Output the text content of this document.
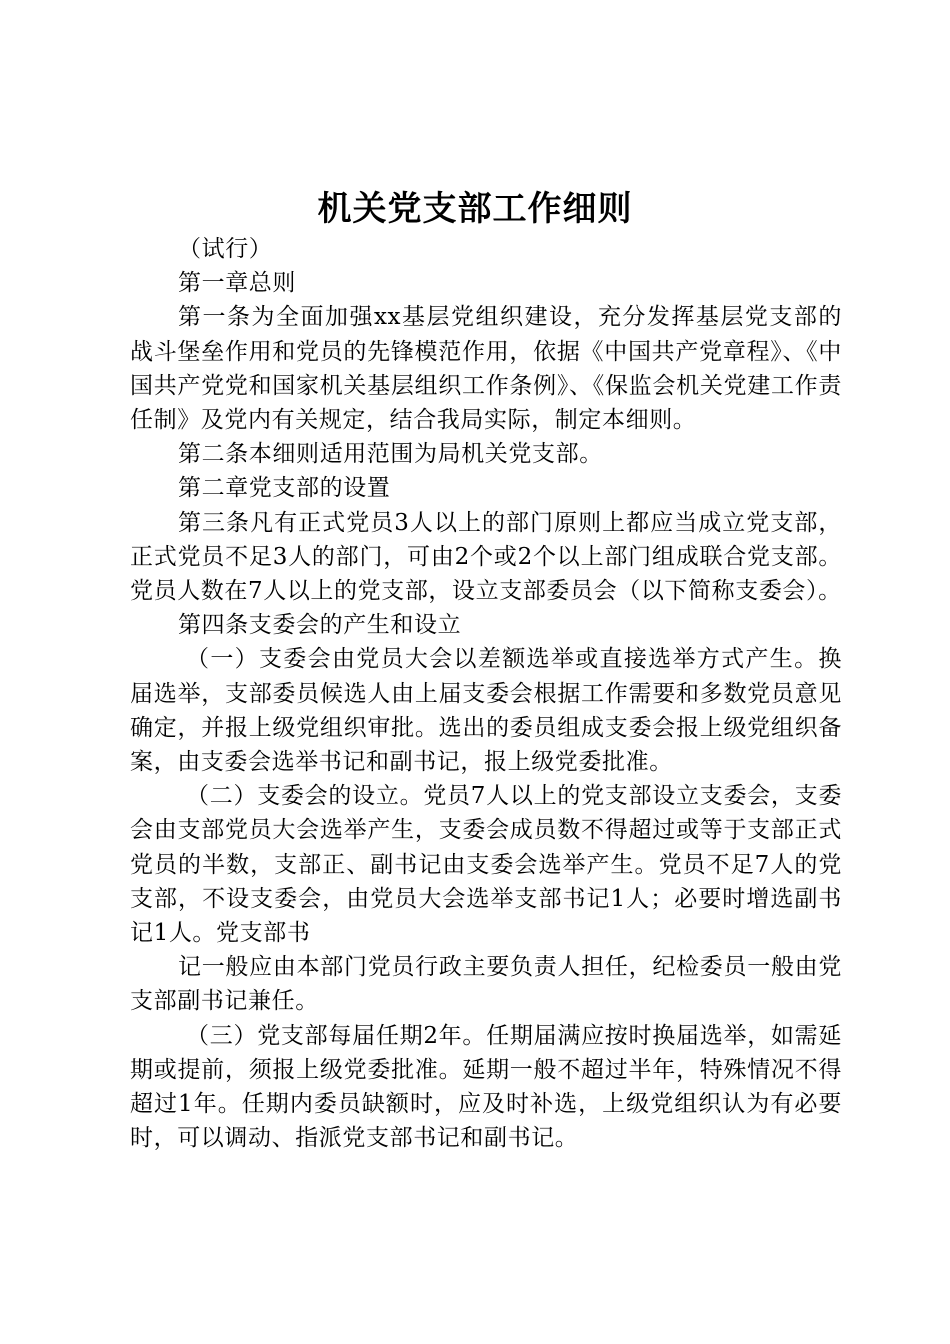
机关党支部工作细则

（试行）

第一章总则

第一条为全面加强xx基层党组织建设，充分发挥基层党支部的战斗堡垒作用和党员的先锋模范作用，依据《中国共产党章程》、《中国共产党党和国家机关基层组织工作条例》、《保监会机关党建工作责任制》及党内有关规定，结合我局实际，制定本细则。

第二条本细则适用范围为局机关党支部。

第二章党支部的设置

第三条凡有正式党员3人以上的部门原则上都应当成立党支部，正式党员不足3人的部门，可由2个或2个以上部门组成联合党支部。党员人数在7人以上的党支部，设立支部委员会（以下简称支委会）。

第四条支委会的产生和设立

（一）支委会由党员大会以差额选举或直接选举方式产生。换届选举，支部委员候选人由上届支委会根据工作需要和多数党员意见确定，并报上级党组织审批。选出的委员组成支委会报上级党组织备案，由支委会选举书记和副书记，报上级党委批准。

（二）支委会的设立。党员7人以上的党支部设立支委会，支委会由支部党员大会选举产生，支委会成员数不得超过或等于支部正式党员的半数，支部正、副书记由支委会选举产生。党员不足7人的党支部，不设支委会，由党员大会选举支部书记1人；必要时增选副书记1人。党支部书

记一般应由本部门党员行政主要负责人担任，纪检委员一般由党支部副书记兼任。

（三）党支部每届任期2年。任期届满应按时换届选举，如需延期或提前，须报上级党委批准。延期一般不超过半年，特殊情况不得超过1年。任期内委员缺额时，应及时补选，上级党组织认为有必要时，可以调动、指派党支部书记和副书记。
